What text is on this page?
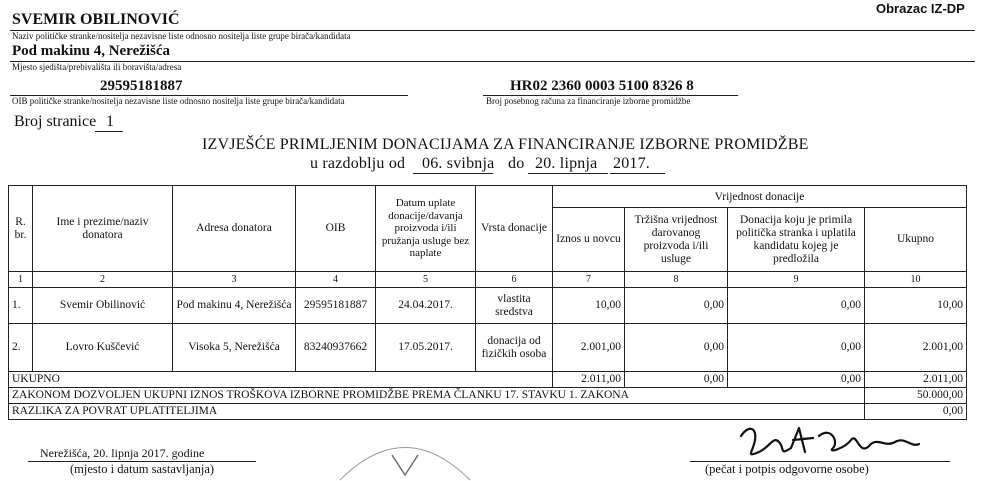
Obrazac IZ-DP
SVEMIR OBILINOVIĆ
Naziv političke stranke/nositelja nezavisne liste odnosno nositelja liste grupe birača/kandidata
Pod makinu 4, Nerežišća
Mjesto sjedišta/prebivališta ili boravišta/adresa
29595181887
OIB političke stranke/nositelja nezavisne liste odnosno nositelja liste grupe birača/kandidata
HR02 2360 0003 5100 8326 8
Broj posebnog računa za financiranje izborne promidžbe
Broj stranice 1
IZVJEŠĆE PRIMLJENIM DONACIJAMA ZA FINANCIRANJE IZBORNE PROMIDŽBE
u razdoblju od 06. svibnja do 20. lipnja 2017.
R. br.	Ime i prezime/naziv donatora	Adresa donatora	OIB	Datum uplate donacije/davanja proizvoda i/ili pružanja usluge bez naplate	Vrsta donacije	Vrijednost donacije			
						Iznos u novcu	Tržišna vrijednost darovanog proizvoda i/ili usluge	Donacija koju je primila politička stranka i uplatila kandidatu kojeg je predložila	Ukupno
1	2	3	4	5	6	7	8	9	10
1.	Svemir Obilinović	Pod makinu 4, Nerežišća	29595181887	24.04.2017.	vlastita sredstva	10,00	0,00	0,00	10,00
2.	Lovro Kuščević	Visoka 5, Nerežišća	83240937662	17.05.2017.	donacija od fizičkih osoba	2.001,00	0,00	0,00	2.001,00
UKUPNO						2.011,00	0,00	0,00	2.011,00
ZAKONOM DOZVOLJEN UKUPNI IZNOS TROŠKOVA IZBORNE PROMIDŽBE PREMA ČLANKU 17. STAVKU 1. ZAKONA									50.000,00
RAZLIKA ZA POVRAT UPLATITELJIMA									0,00
Nerežišća, 20. lipnja 2017. godine
(mjesto i datum sastavljanja)	(pečat i potpis odgovorne osobe)
